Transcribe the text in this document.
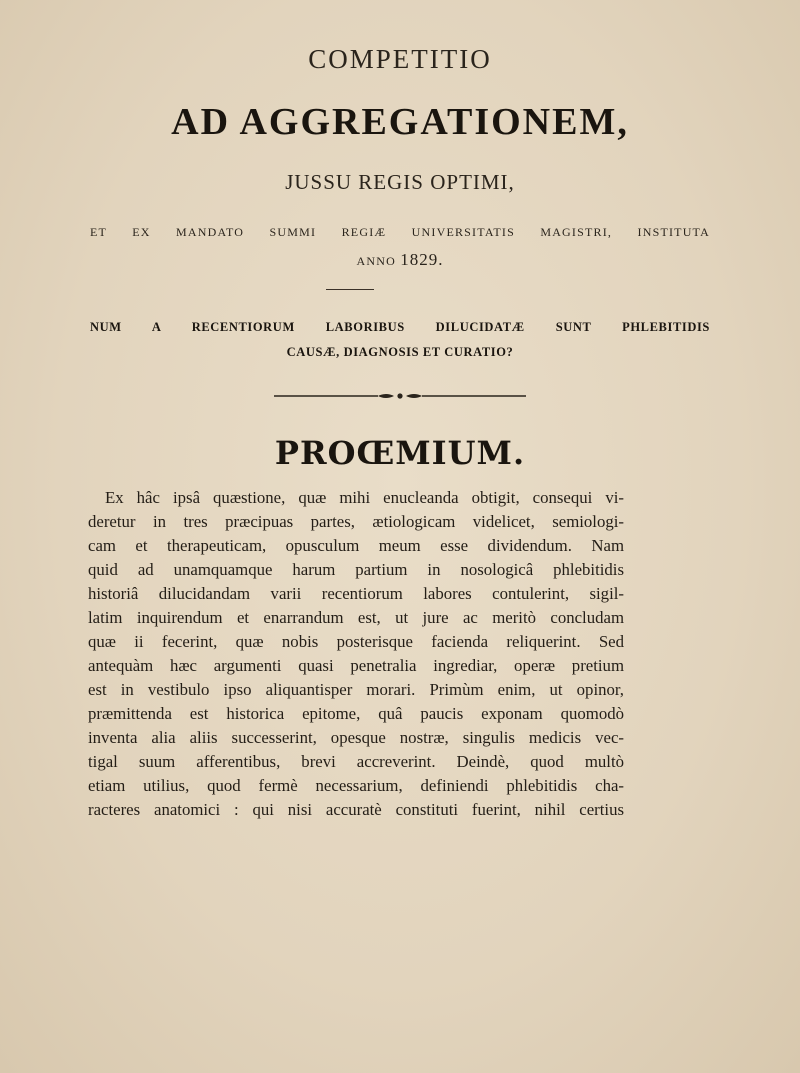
COMPETITIO
AD AGGREGATIONEM,
JUSSU REGIS OPTIMI,
ET EX MANDATO SUMMI REGIÆ UNIVERSITATIS MAGISTRI, INSTITUTA
ANNO 1829.
NUM A RECENTIORUM LABORIBUS DILUCIDATÆ SUNT PHLEBITIDIS
CAUSÆ, DIAGNOSIS ET CURATIO?
PROŒMIUM.
Ex hâc ipsâ quæstione, quæ mihi enucleanda obtigit, consequi vi-
deretur in tres præcipuas partes, ætiologicam videlicet, semiologi-
cam et therapeuticam, opusculum meum esse dividendum. Nam
quid ad unamquamque harum partium in nosologicâ phlebitidis
historiâ dilucidandam varii recentiorum labores contulerint, sigil-
latim inquirendum et enarrandum est, ut jure ac meritò concludam
quæ ii fecerint, quæ nobis posterisque facienda reliquerint. Sed
antequàm hæc argumenti quasi penetralia ingrediar, operæ pretium
est in vestibulo ipso aliquantisper morari. Primùm enim, ut opinor,
præmittenda est historica epitome, quâ paucis exponam quomodò
inventa alia aliis successerint, opesque nostræ, singulis medicis vec-
tigal suum afferentibus, brevi accreverint. Deindè, quod multò
etiam utilius, quod fermè necessarium, definiendi phlebitidis cha-
racteres anatomici : qui nisi accuratè constituti fuerint, nihil certius
